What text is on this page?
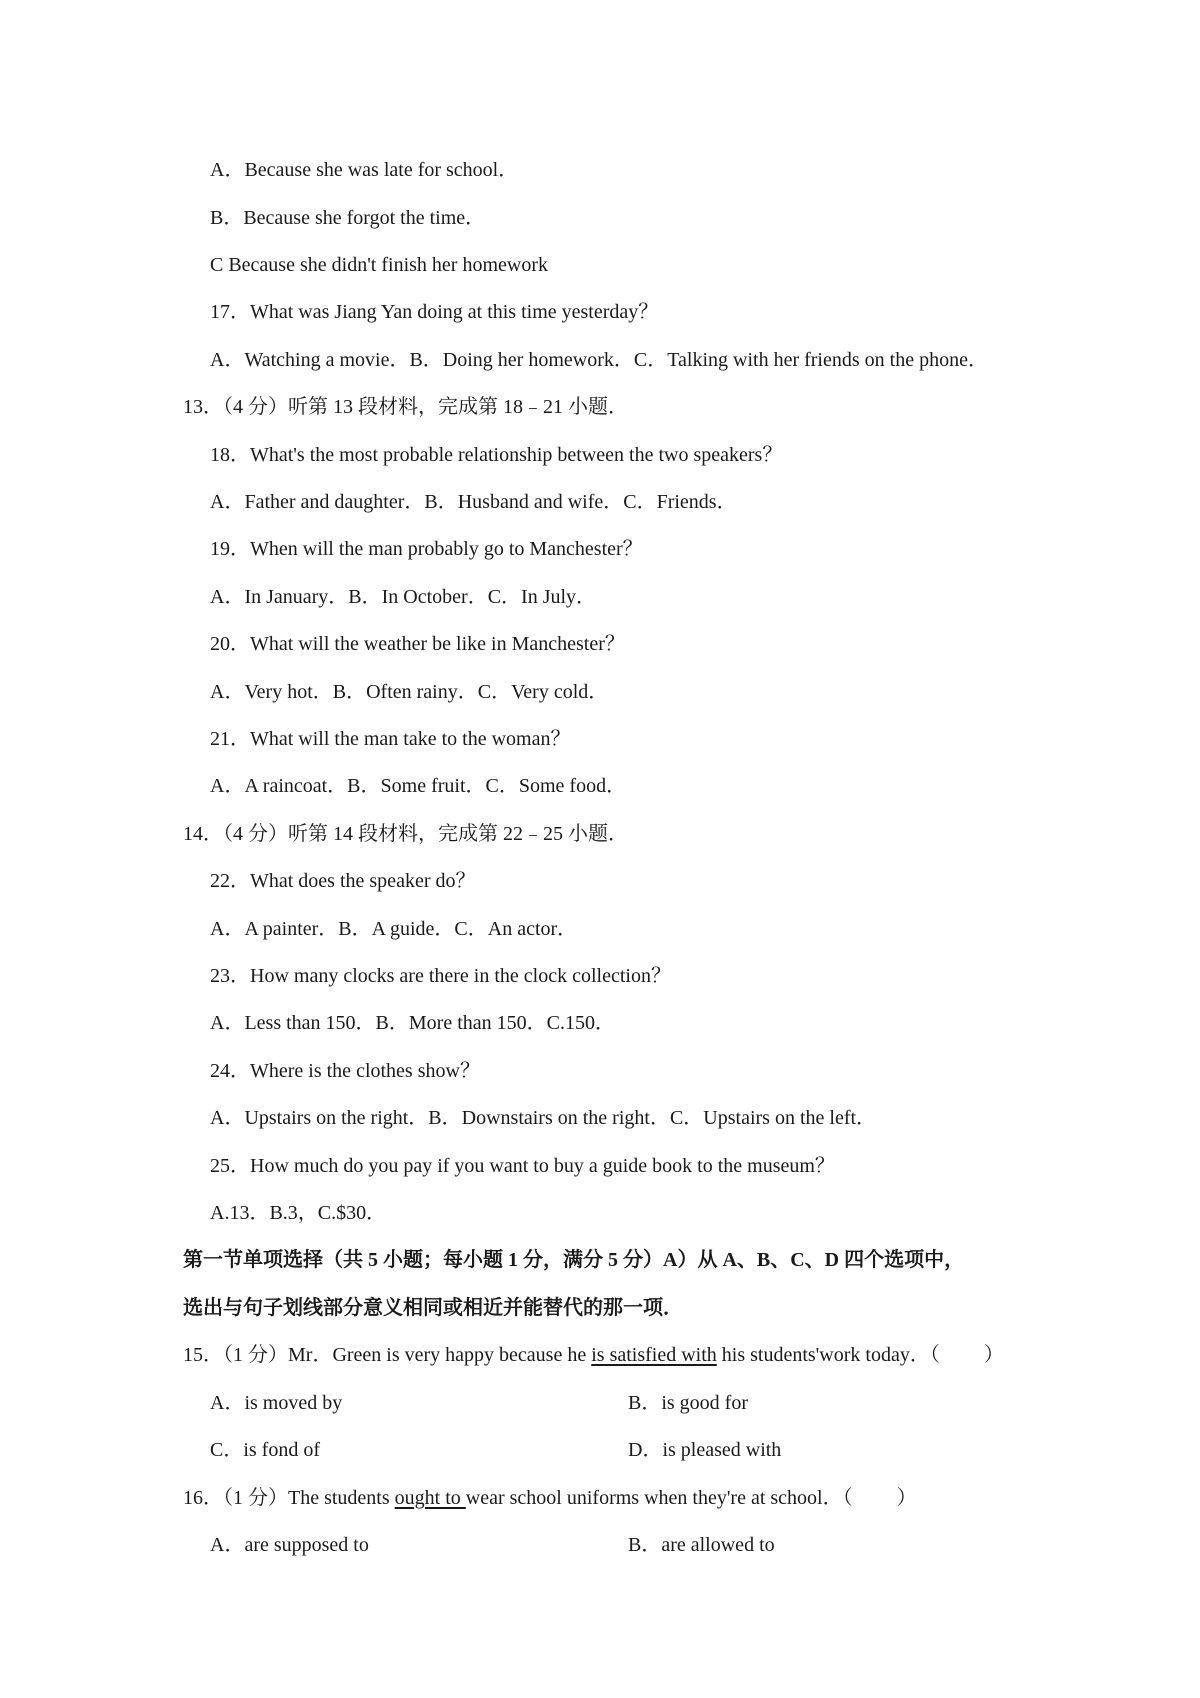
A．Because she was late for school．
B．Because she forgot the time．
C Because she didn't finish her homework
17．What was Jiang Yan doing at this time yesterday？
A．Watching a movie．B．Doing her homework．C．Talking with her friends on the phone．
13．（4 分）听第 13 段材料，完成第 18﹣21 小题．
18．What's the most probable relationship between the two speakers？
A．Father and daughter．B．Husband and wife．C．Friends．
19．When will the man probably go to Manchester？
A．In January．B．In October．C．In July．
20．What will the weather be like in Manchester？
A．Very hot．B．Often rainy．C．Very cold．
21．What will the man take to the woman？
A．A raincoat．B．Some fruit．C．Some food．
14．（4 分）听第 14 段材料，完成第 22﹣25 小题．
22．What does the speaker do？
A．A painter．B．A guide．C．An actor．
23．How many clocks are there in the clock collection？
A．Less than 150．B．More than 150．C.150．
24．Where is the clothes show？
A．Upstairs on the right．B．Downstairs on the right．C．Upstairs on the left．
25．How much do you pay if you want to buy a guide book to the museum？
A.13．B.3，C.$30．
第一节单项选择（共 5 小题；每小题 1 分，满分 5 分）A）从 A、B、C、D 四个选项中，
选出与句子划线部分意义相同或相近并能替代的那一项．
15．（1 分）Mr．Green is very happy because he is satisfied with his students'work today．（ ）
A．is moved by	B．is good for
C．is fond of	D．is pleased with
16．（1 分）The students ought to wear school uniforms when they're at school．（ ）
A．are supposed to	B．are allowed to
